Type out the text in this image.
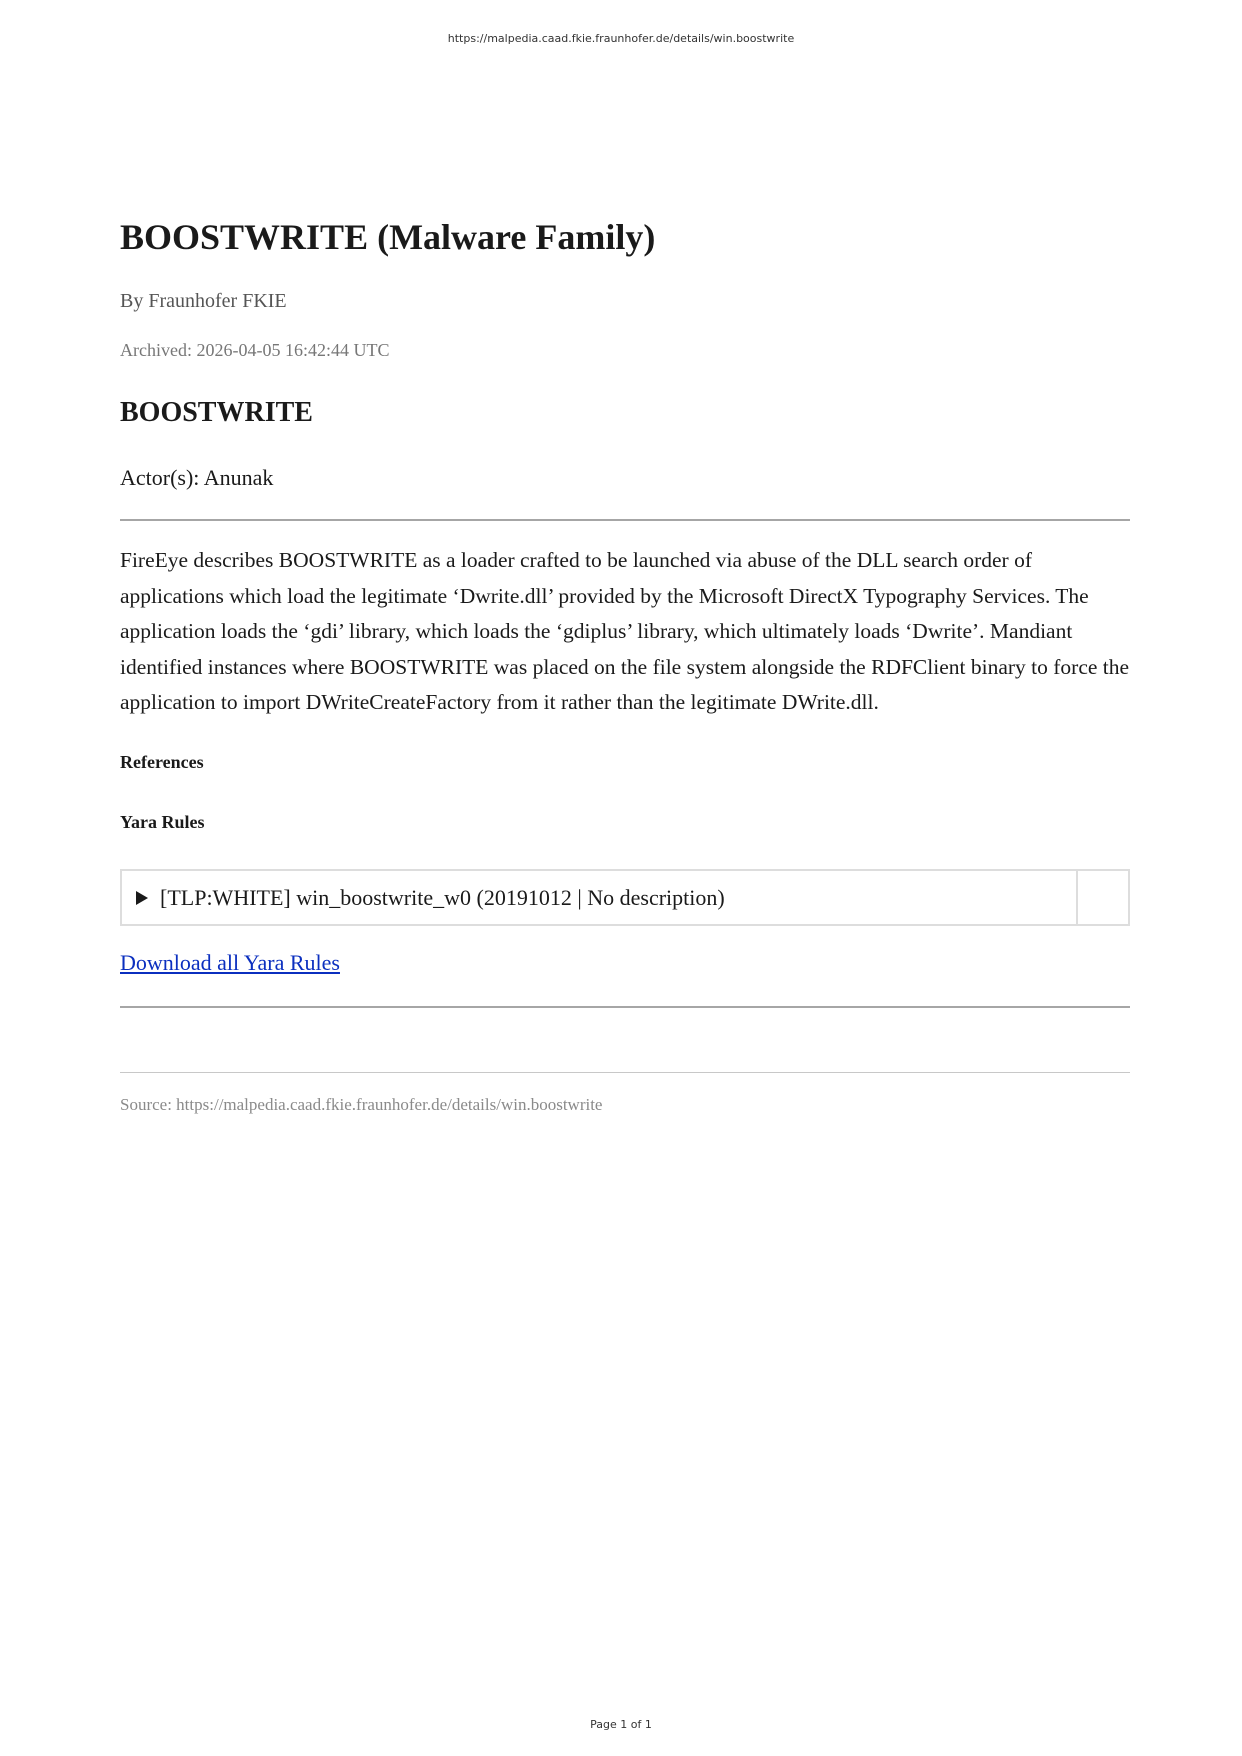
https://malpedia.caad.fkie.fraunhofer.de/details/win.boostwrite
BOOSTWRITE (Malware Family)
By Fraunhofer FKIE
Archived: 2026-04-05 16:42:44 UTC
BOOSTWRITE
Actor(s): Anunak

FireEye describes BOOSTWRITE as a loader crafted to be launched via abuse of the DLL search order of applications which load the legitimate ‘Dwrite.dll’ provided by the Microsoft DirectX Typography Services. The application loads the ‘gdi’ library, which loads the ‘gdiplus’ library, which ultimately loads ‘Dwrite’. Mandiant identified instances where BOOSTWRITE was placed on the file system alongside the RDFClient binary to force the application to import DWriteCreateFactory from it rather than the legitimate DWrite.dll.

References
Yara Rules
[TLP:WHITE] win_boostwrite_w0 (20191012 | No description)
Download all Yara Rules
Source: https://malpedia.caad.fkie.fraunhofer.de/details/win.boostwrite
Page 1 of 1
